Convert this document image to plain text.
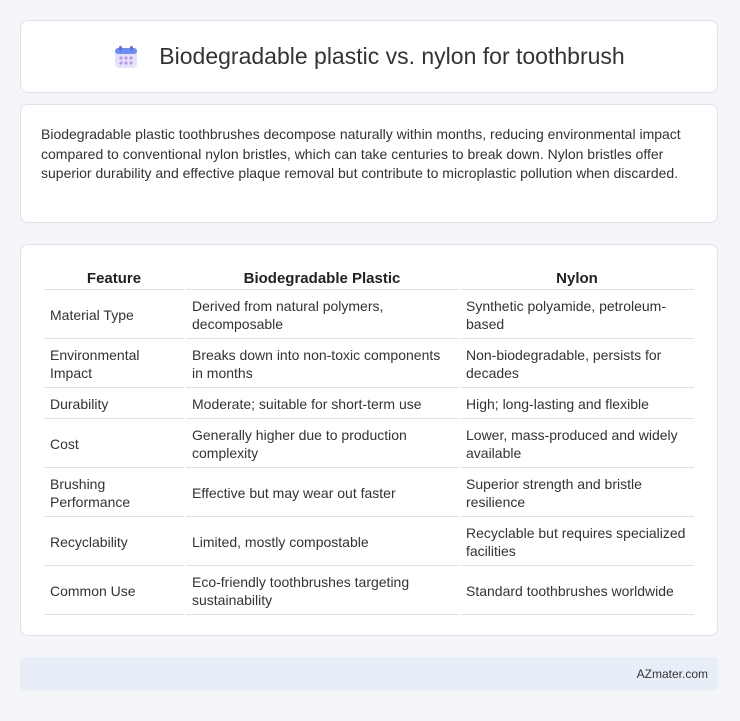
Biodegradable plastic vs. nylon for toothbrush

Biodegradable plastic toothbrushes decompose naturally within months, reducing environmental impact compared to conventional nylon bristles, which can take centuries to break down. Nylon bristles offer superior durability and effective plaque removal but contribute to microplastic pollution when discarded.

Feature	Biodegradable Plastic	Nylon
Material Type	Derived from natural polymers, decomposable	Synthetic polyamide, petroleum-based
Environmental Impact	Breaks down into non-toxic components in months	Non-biodegradable, persists for decades
Durability	Moderate; suitable for short-term use	High; long-lasting and flexible
Cost	Generally higher due to production complexity	Lower, mass-produced and widely available
Brushing Performance	Effective but may wear out faster	Superior strength and bristle resilience
Recyclability	Limited, mostly compostable	Recyclable but requires specialized facilities
Common Use	Eco-friendly toothbrushes targeting sustainability	Standard toothbrushes worldwide
AZmater.com
